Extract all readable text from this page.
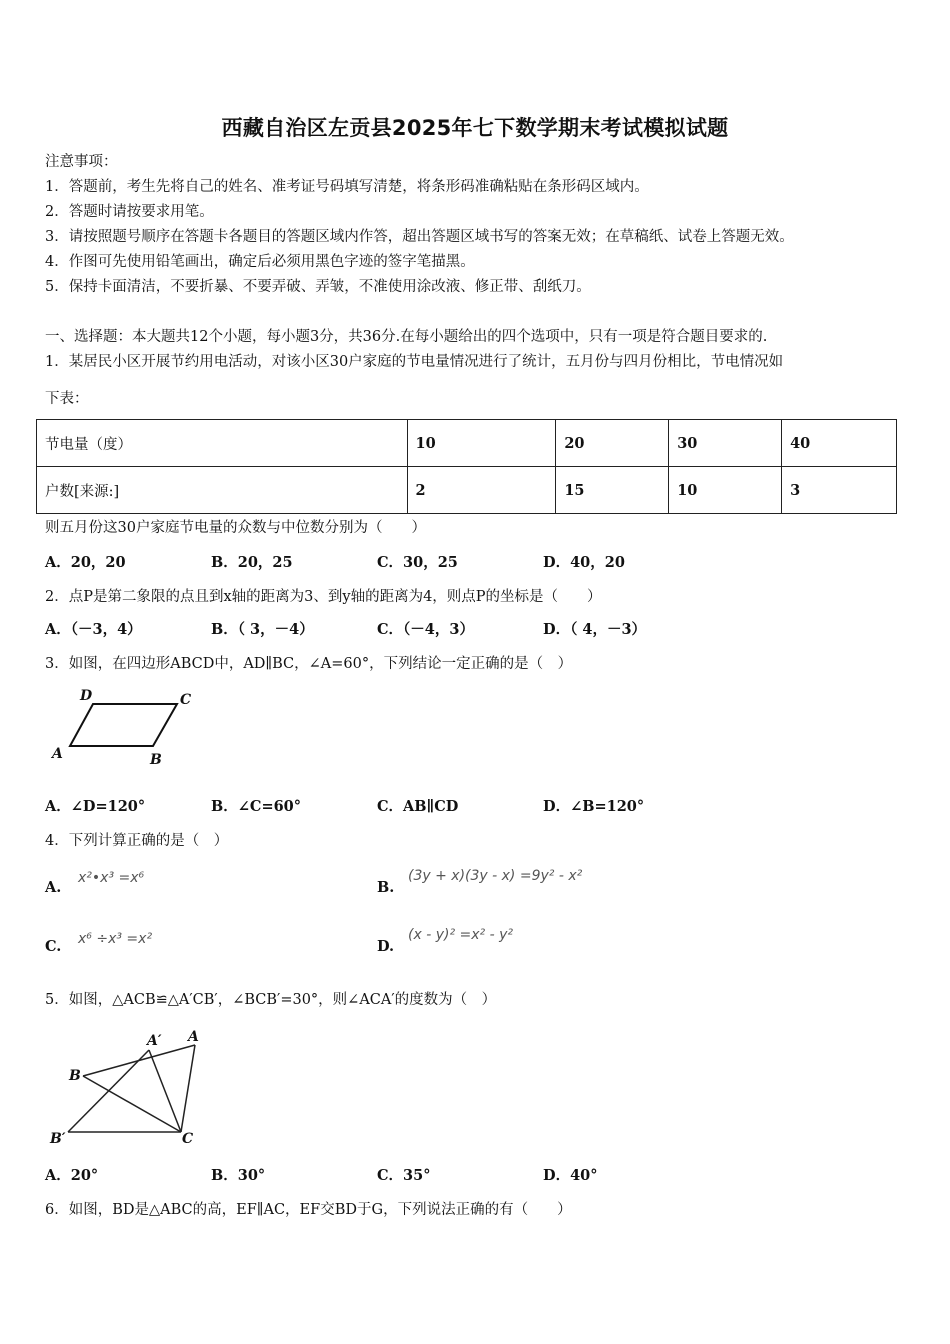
西藏自治区左贡县2025年七下数学期末考试模拟试题
注意事项：
1．答题前，考生先将自己的姓名、准考证号码填写清楚，将条形码准确粘贴在条形码区域内。
2．答题时请按要求用笔。
3．请按照题号顺序在答题卡各题目的答题区域内作答，超出答题区域书写的答案无效；在草稿纸、试卷上答题无效。
4．作图可先使用铅笔画出，确定后必须用黑色字迹的签字笔描黑。
5．保持卡面清洁，不要折暴、不要弄破、弄皱，不准使用涂改液、修正带、刮纸刀。
一、选择题：本大题共12个小题，每小题3分，共36分.在每小题给出的四个选项中，只有一项是符合题目要求的.
1．某居民小区开展节约用电活动，对该小区30户家庭的节电量情况进行了统计，五月份与四月份相比，节电情况如
下表：
节电量（度）	10	20	30	40
户数[来源:]	2	15	10	3
则五月份这30户家庭节电量的众数与中位数分别为（　　）
A．20，20	B．20，25	C．30，25	D．40，20
2．点P是第二象限的点且到x轴的距离为3、到y轴的距离为4，则点P的坐标是（　　）
A．（－3，4）	B．（ 3，－4）	C．（－4，3）	D．（ 4，－3）
3．如图，在四边形ABCD中，AD∥BC，∠A=60°，下列结论一定正确的是（　）
D	C
A	B
A．∠D=120°	B．∠C=60°	C．AB∥CD	D．∠B=120°
4．下列计算正确的是（　）
A.
x²•x³ =x⁶
B.
(3y + x)(3y - x) =9y² - x²
C. x⁶ ÷x³ =x²	D.
(x - y)² =x² - y²
5．如图，△ACB≌△A′CB′，∠BCB′=30°，则∠ACA′的度数为（　）
A′ A
B
B′	C
A．20°	B．30°	C．35°	D．40°
6．如图，BD是△ABC的高，EF∥AC，EF交BD于G，下列说法正确的有（　　）
